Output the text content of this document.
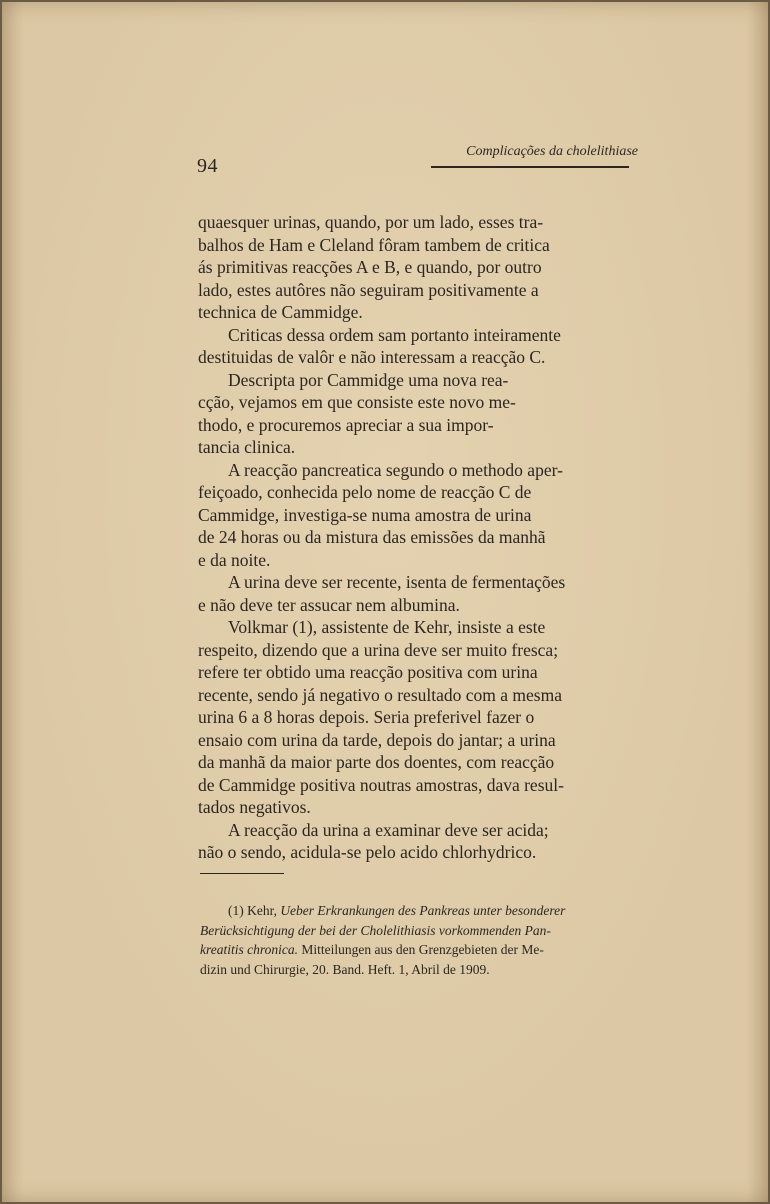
94
Complicações da cholelithiase

quaesquer urinas, quando, por um lado, esses tra-
balhos de Ham e Cleland fôram tambem de critica
ás primitivas reacções A e B, e quando, por outro
lado, estes autôres não seguiram positivamente a
technica de Cammidge.

Criticas dessa ordem sam portanto inteiramente
destituidas de valôr e não interessam a reacção C.

Descripta por Cammidge uma nova rea-
cção, vejamos em que consiste este novo me-
thodo, e procuremos apreciar a sua impor-
tancia clinica.

A reacção pancreatica segundo o methodo aper-
feiçoado, conhecida pelo nome de reacção C de
Cammidge, investiga-se numa amostra de urina
de 24 horas ou da mistura das emissões da manhã
e da noite.

A urina deve ser recente, isenta de fermentações
e não deve ter assucar nem albumina.

Volkmar (1), assistente de Kehr, insiste a este
respeito, dizendo que a urina deve ser muito fresca;
refere ter obtido uma reacção positiva com urina
recente, sendo já negativo o resultado com a mesma
urina 6 a 8 horas depois. Seria preferivel fazer o
ensaio com urina da tarde, depois do jantar; a urina
da manhã da maior parte dos doentes, com reacção
de Cammidge positiva noutras amostras, dava resul-
tados negativos.

A reacção da urina a examinar deve ser acida;
não o sendo, acidula-se pelo acido chlorhydrico.

(1) Kehr, Ueber Erkrankungen des Pankreas unter besonderer
Berücksichtigung der bei der Cholelithiasis vorkommenden Pan-
kreatitis chronica. Mitteilungen aus den Grenzgebieten der Me-
dizin und Chirurgie, 20. Band. Heft. 1, Abril de 1909.
